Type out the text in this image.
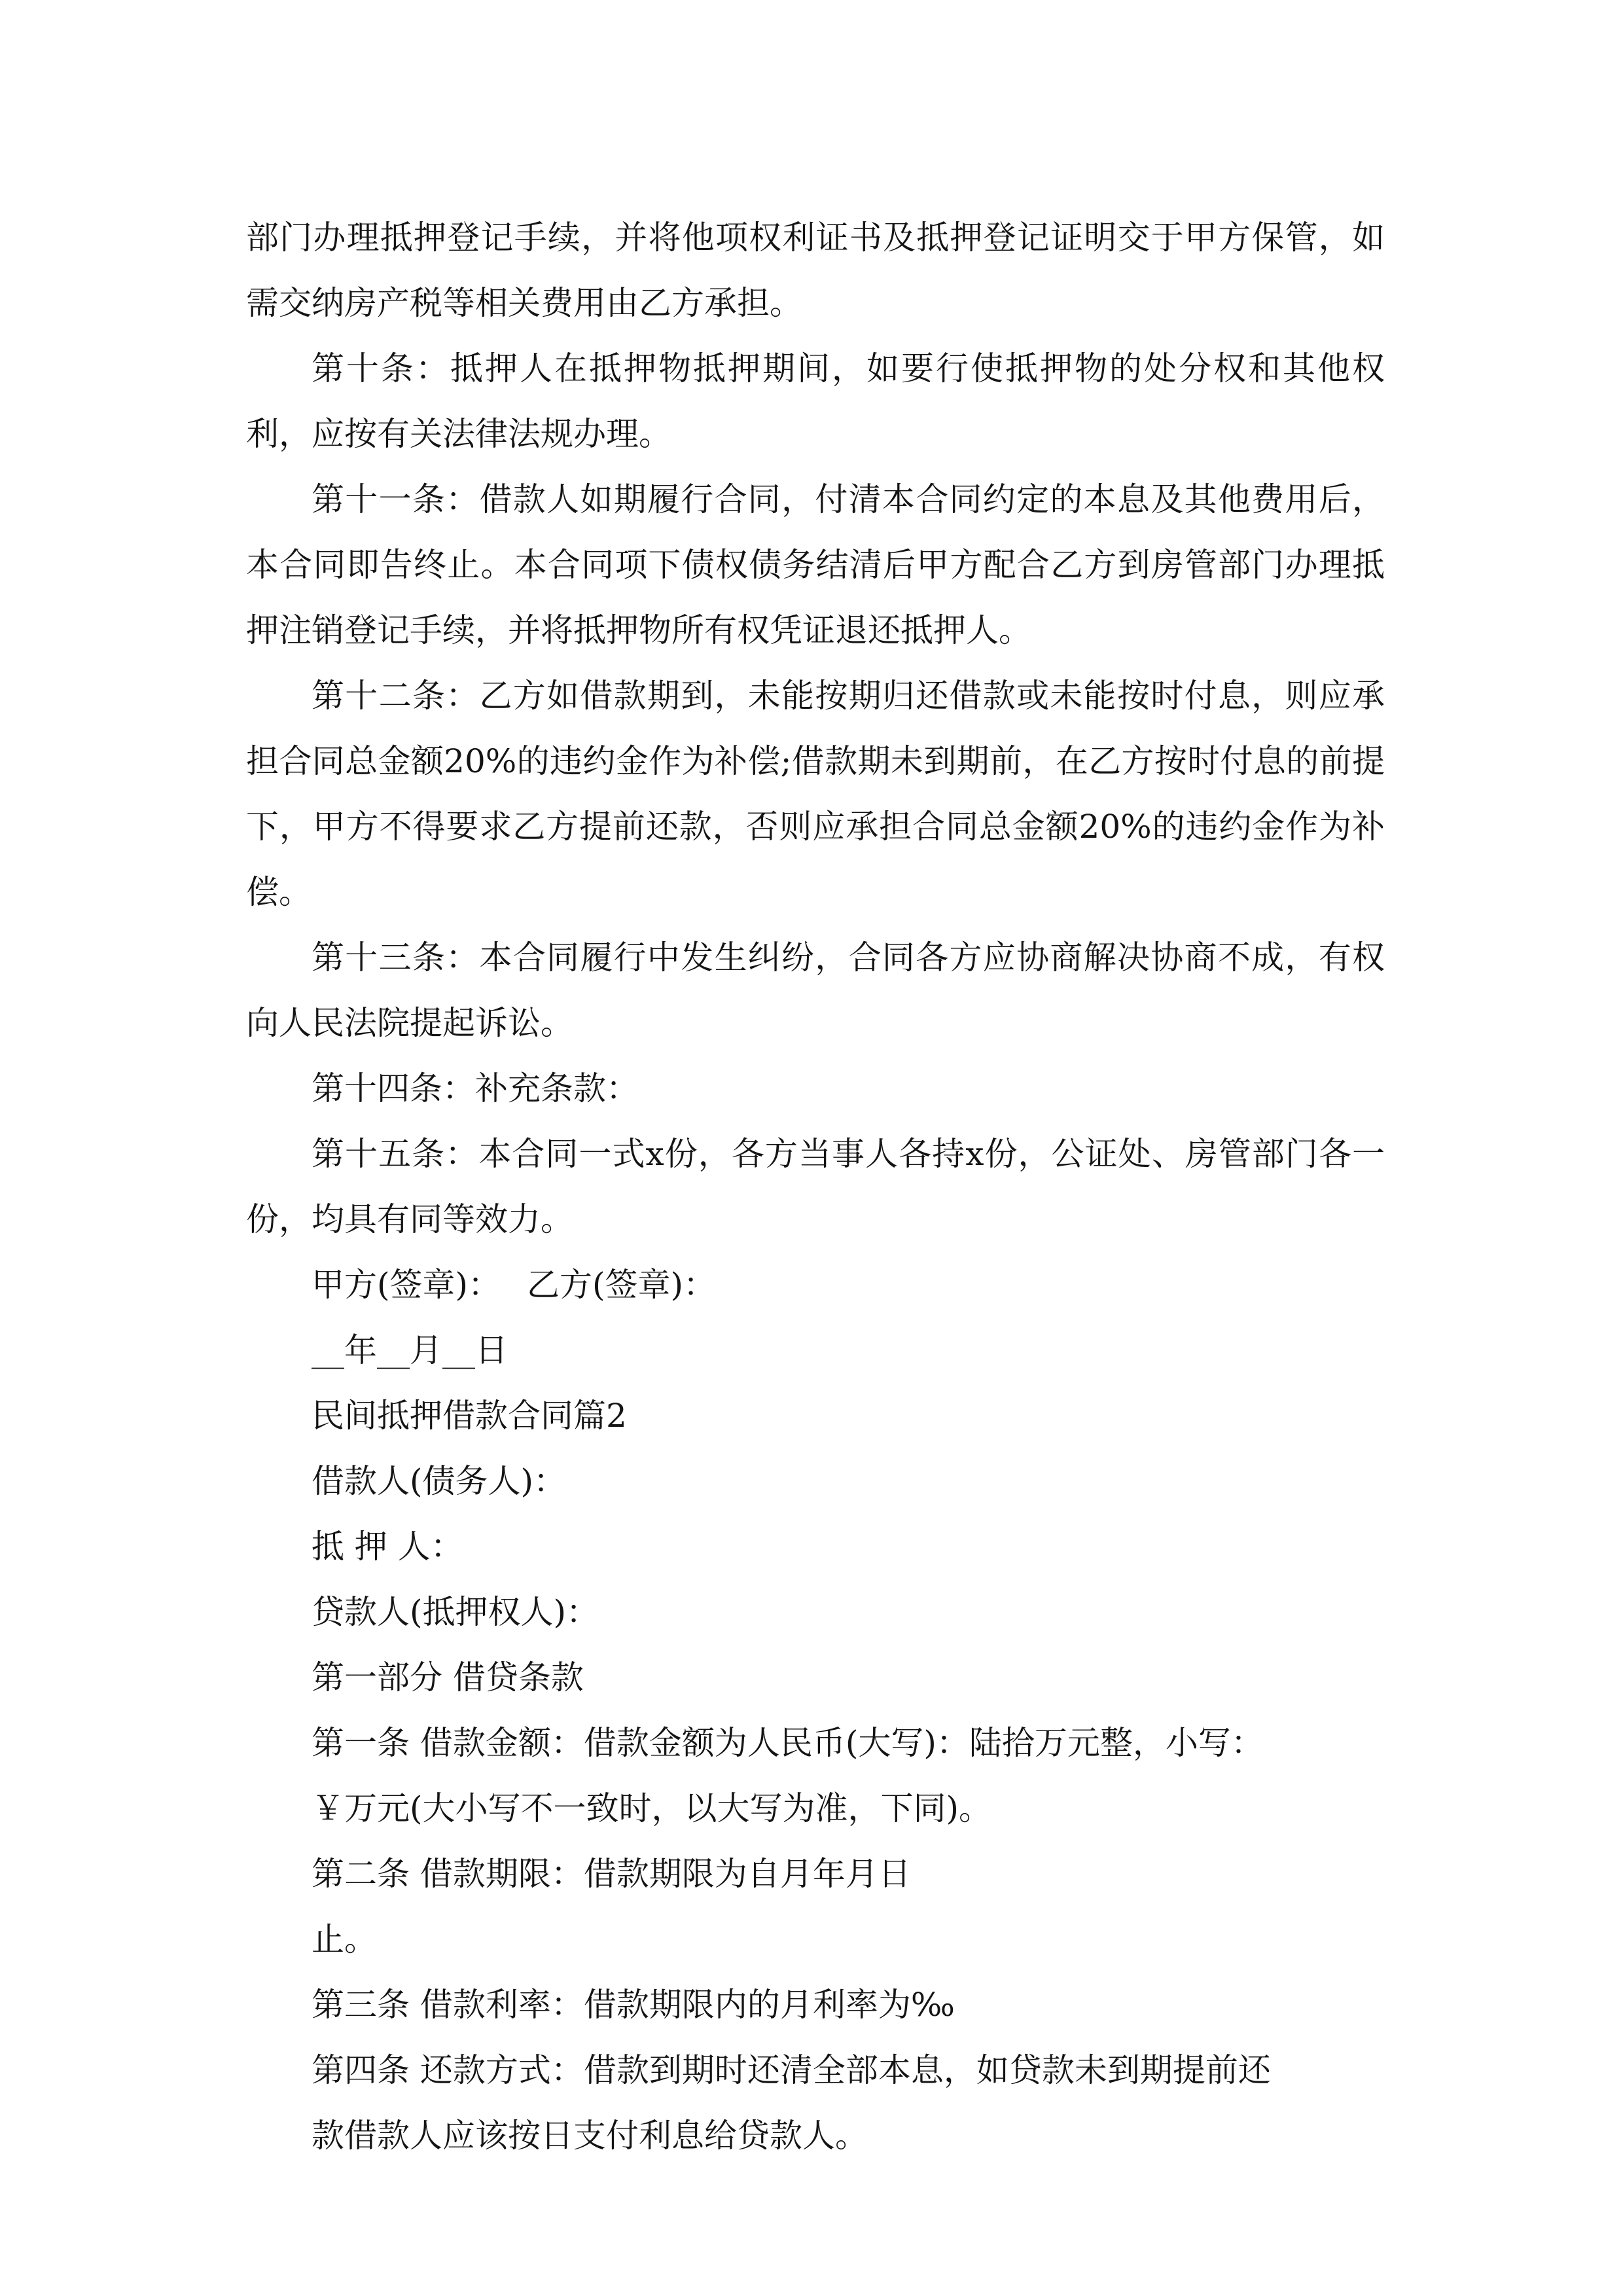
部门办理抵押登记手续，并将他项权利证书及抵押登记证明交于甲方保管，如需交纳房产税等相关费用由乙方承担。

第十条：抵押人在抵押物抵押期间，如要行使抵押物的处分权和其他权利，应按有关法律法规办理。

第十一条：借款人如期履行合同，付清本合同约定的本息及其他费用后，本合同即告终止。本合同项下债权债务结清后甲方配合乙方到房管部门办理抵押注销登记手续，并将抵押物所有权凭证退还抵押人。

第十二条：乙方如借款期到，未能按期归还借款或未能按时付息，则应承担合同总金额20%的违约金作为补偿;借款期未到期前，在乙方按时付息的前提下，甲方不得要求乙方提前还款，否则应承担合同总金额20%的违约金作为补偿。

第十三条：本合同履行中发生纠纷，合同各方应协商解决协商不成，有权向人民法院提起诉讼。

第十四条：补充条款：

第十五条：本合同一式x份，各方当事人各持x份，公证处、房管部门各一份，均具有同等效力。

甲方(签章)： 乙方(签章)：

__年__月__日

民间抵押借款合同篇2

借款人(债务人)：

抵 押 人：

贷款人(抵押权人)：

第一部分 借贷条款

第一条 借款金额：借款金额为人民币(大写)：陆拾万元整，小写：

￥万元(大小写不一致时，以大写为准，下同)。

第二条 借款期限：借款期限为自月年月日

止。

第三条 借款利率：借款期限内的月利率为‰

第四条 还款方式：借款到期时还清全部本息，如贷款未到期提前还

款借款人应该按日支付利息给贷款人。
